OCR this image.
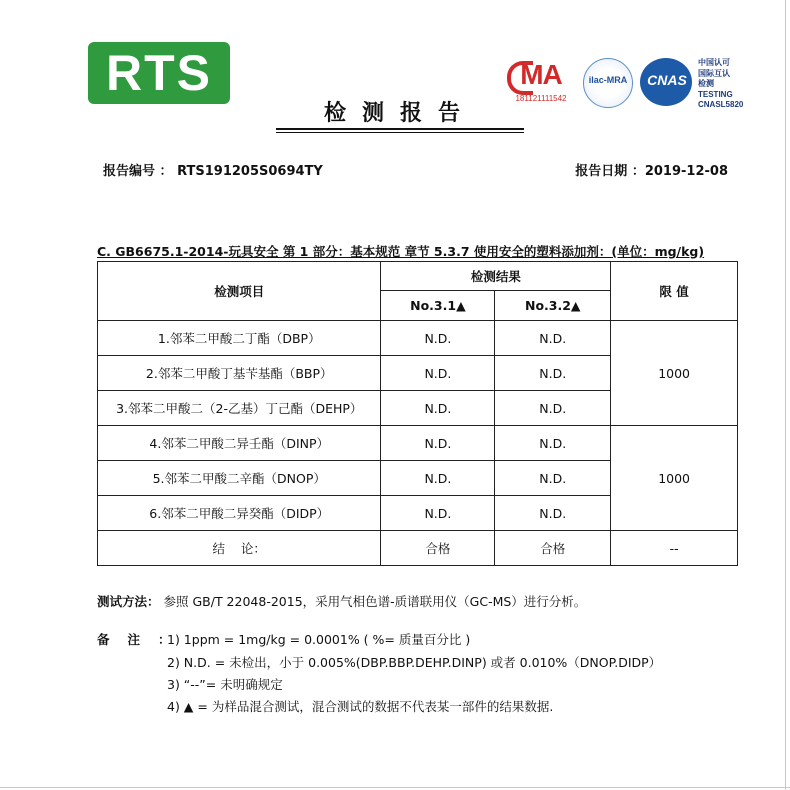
RTS	MA
181121111542
ilac-MRA	CNAS
中国认可
国际互认
检测
TESTING
CNASL5820
检测报告
报告编号 ： RTS191205S0694TY	报告日期 ：2019-12-08
C. GB6675.1-2014-玩具安全 第 1 部分：基本规范 章节 5.3.7 使用安全的塑料添加剂：(单位：mg/kg)
检测项目	检测结果		限 值
	No.3.1▲	No.3.2▲	
1.邻苯二甲酸二丁酯（DBP）	N.D.	N.D.	1000
2.邻苯二甲酸丁基苄基酯（BBP）	N.D.	N.D.	
3.邻苯二甲酸二（2-乙基）丁己酯（DEHP）	N.D.	N.D.	
4.邻苯二甲酸二异壬酯（DINP）	N.D.	N.D.	1000
5.邻苯二甲酸二辛酯（DNOP）	N.D.	N.D.	
6.邻苯二甲酸二异癸酯（DIDP）	N.D.	N.D.	
结    论：	合格	合格	--
测试方法： 参照 GB/T 22048-2015，采用气相色谱-质谱联用仪（GC-MS）进行分析。
备注：
1) 1ppm = 1mg/kg = 0.0001% ( %= 质量百分比 )
2) N.D. = 未检出，小于 0.005%(DBP.BBP.DEHP.DINP) 或者 0.010%（DNOP.DIDP）
3) “--”= 未明确规定
4) ▲ = 为样品混合测试，混合测试的数据不代表某一部件的结果数据.
